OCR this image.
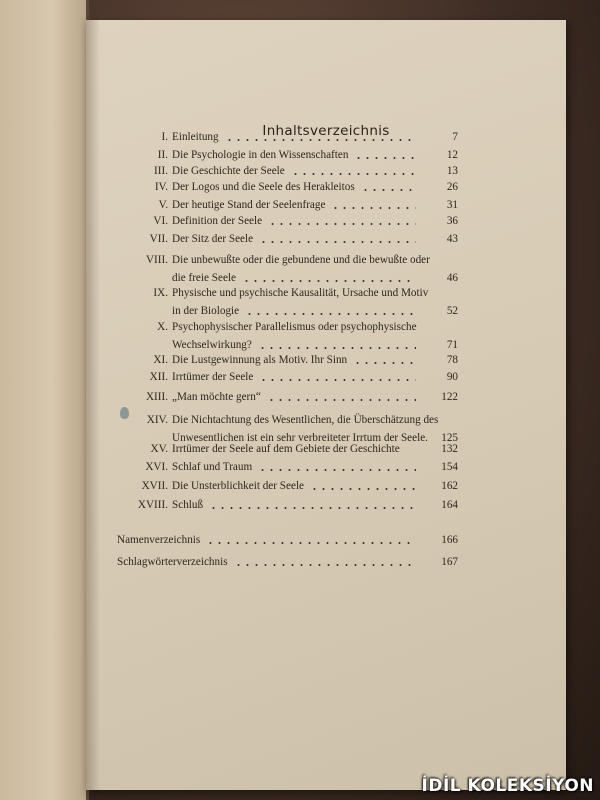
Inhaltsverzeichnis
I. Einleitung	7
II. Die Psychologie in den Wissenschaften	12
III. Die Geschichte der Seele	13
IV. Der Logos und die Seele des Herakleitos	26
V. Der heutige Stand der Seelenfrage	31
VI. Definition der Seele	36
VII. Der Sitz der Seele	43
VIII. Die unbewußte oder die gebundene und die bewußte oder
die freie Seele	46
IX. Physische und psychische Kausalität, Ursache und Motiv
in der Biologie	52
X. Psychophysischer Parallelismus oder psychophysische
Wechselwirkung?	71
XI. Die Lustgewinnung als Motiv. Ihr Sinn	78
XII. Irrtümer der Seele	90
XIII. „Man möchte gern“	122
XIV. Die Nichtachtung des Wesentlichen, die Überschätzung des
Unwesentlichen ist ein sehr verbreiteter Irrtum der Seele.	125
XV. Irrtümer der Seele auf dem Gebiete der Geschichte	132
XVI. Schlaf und Traum	154
XVII. Die Unsterblichkeit der Seele	162
XVIII. Schluß	164
Namenverzeichnis	166
Schlagwörterverzeichnis	167
İDİL KOLEKSİYON
